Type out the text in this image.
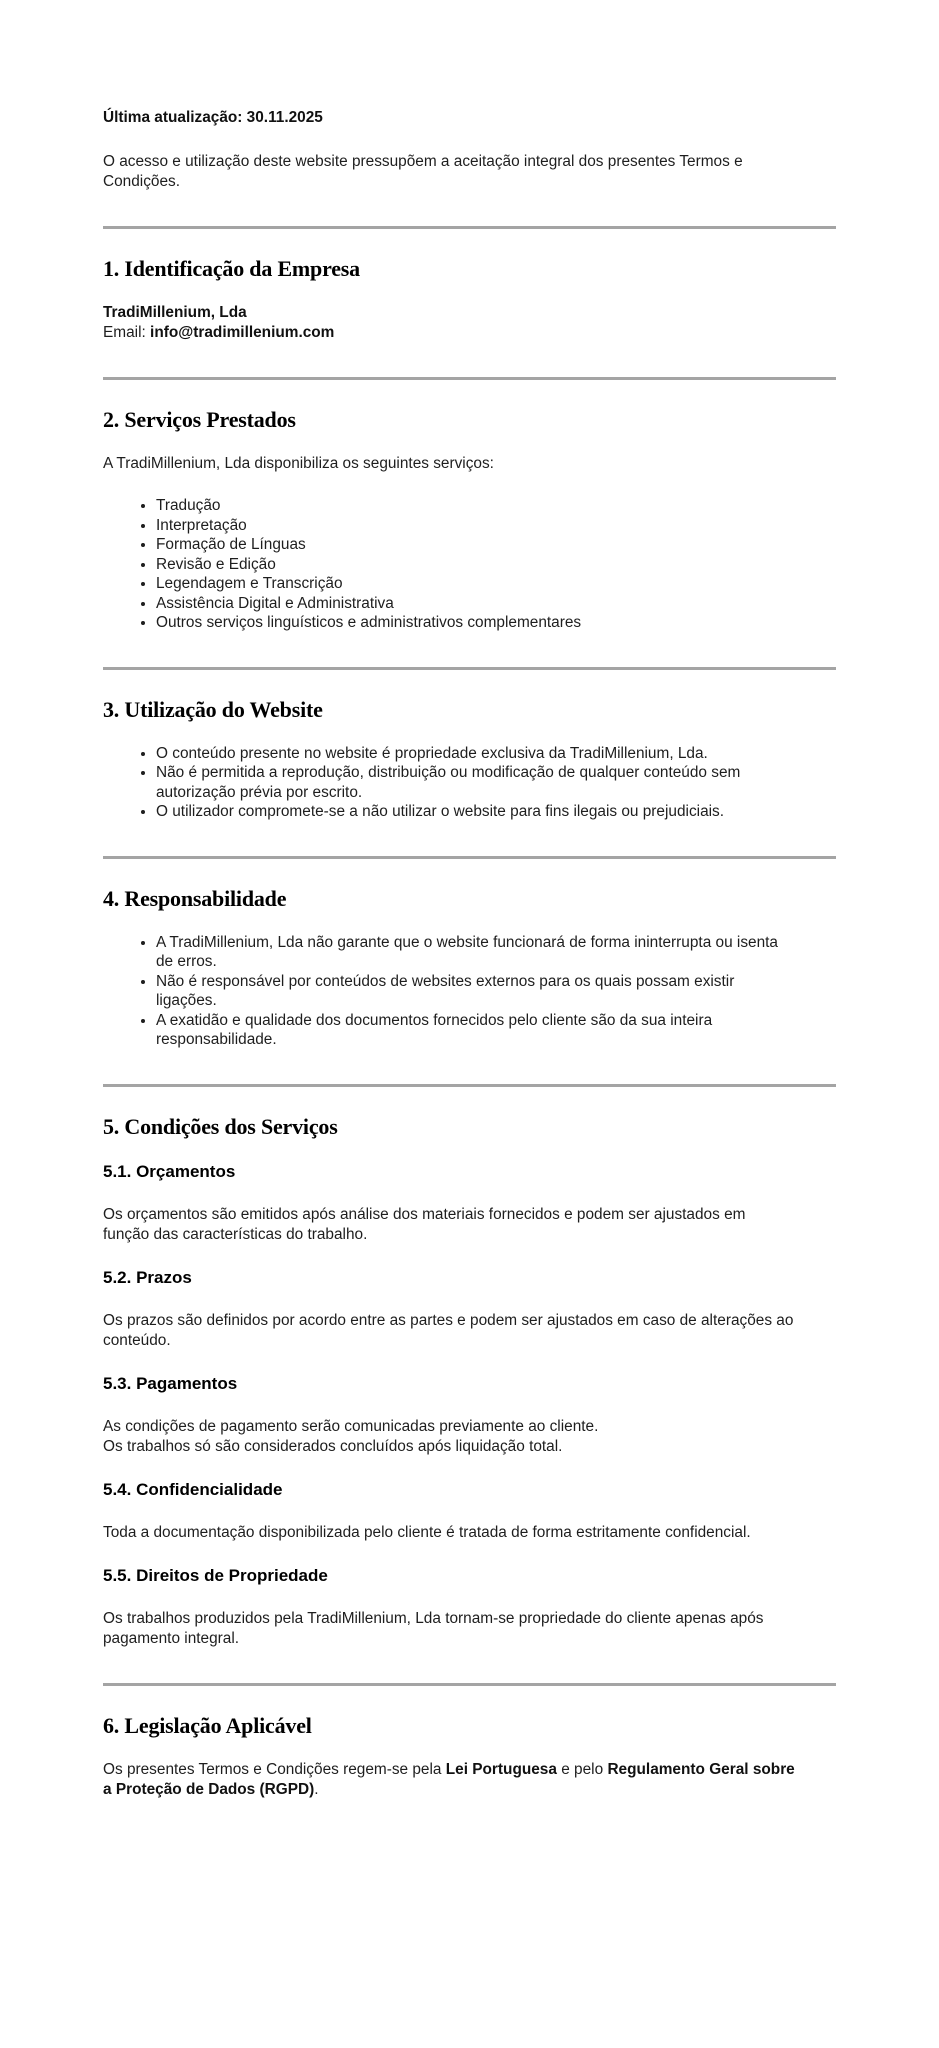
Última atualização: 30.11.2025

O acesso e utilização deste website pressupõem a aceitação integral dos presentes Termos e Condições.

1. Identificação da Empresa

TradiMillenium, Lda
Email: info@tradimillenium.com

2. Serviços Prestados

A TradiMillenium, Lda disponibiliza os seguintes serviços:

• Tradução
• Interpretação
• Formação de Línguas
• Revisão e Edição
• Legendagem e Transcrição
• Assistência Digital e Administrativa
• Outros serviços linguísticos e administrativos complementares
3. Utilização do Website
• O conteúdo presente no website é propriedade exclusiva da TradiMillenium, Lda.
• Não é permitida a reprodução, distribuição ou modificação de qualquer conteúdo sem autorização prévia por escrito.
• O utilizador compromete-se a não utilizar o website para fins ilegais ou prejudiciais.
4. Responsabilidade
• A TradiMillenium, Lda não garante que o website funcionará de forma ininterrupta ou isenta de erros.
• Não é responsável por conteúdos de websites externos para os quais possam existir ligações.
• A exatidão e qualidade dos documentos fornecidos pelo cliente são da sua inteira responsabilidade.
5. Condições dos Serviços
5.1. Orçamentos

Os orçamentos são emitidos após análise dos materiais fornecidos e podem ser ajustados em função das características do trabalho.

5.2. Prazos

Os prazos são definidos por acordo entre as partes e podem ser ajustados em caso de alterações ao conteúdo.

5.3. Pagamentos

As condições de pagamento serão comunicadas previamente ao cliente.
Os trabalhos só são considerados concluídos após liquidação total.

5.4. Confidencialidade

Toda a documentação disponibilizada pelo cliente é tratada de forma estritamente confidencial.

5.5. Direitos de Propriedade

Os trabalhos produzidos pela TradiMillenium, Lda tornam-se propriedade do cliente apenas após pagamento integral.

6. Legislação Aplicável

Os presentes Termos e Condições regem-se pela Lei Portuguesa e pelo Regulamento Geral sobre a Proteção de Dados (RGPD).
